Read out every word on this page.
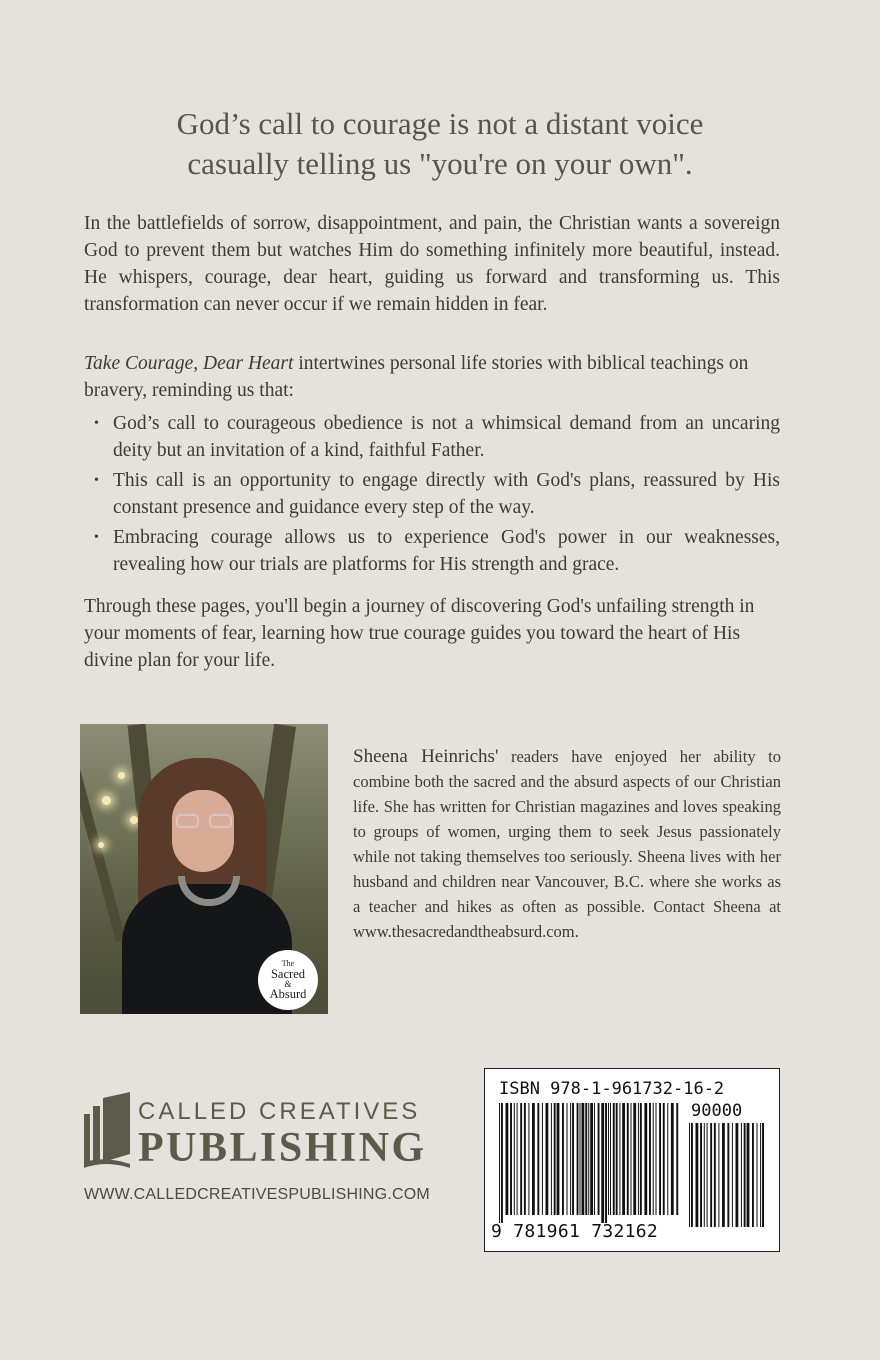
God’s call to courage is not a distant voice
casually telling us "you're on your own".

In the battlefields of sorrow, disappointment, and pain, the Christian wants a sovereign God to prevent them but watches Him do something infinitely more beautiful, instead. He whispers, courage, dear heart, guiding us forward and transforming us. This transformation can never occur if we remain hidden in fear.

Take Courage, Dear Heart intertwines personal life stories with biblical teachings on bravery, reminding us that:

• God’s call to courageous obedience is not a whimsical demand from an uncaring deity but an invitation of a kind, faithful Father.
• This call is an opportunity to engage directly with God's plans, reassured by His constant presence and guidance every step of the way.
• Embracing courage allows us to experience God's power in our weaknesses, revealing how our trials are platforms for His strength and grace.

Through these pages, you'll begin a journey of discovering God's unfailing strength in your moments of fear, learning how true courage guides you toward the heart of His divine plan for your life.

The
Sacred
&
Absurd

Sheena Heinrichs' readers have enjoyed her ability to combine both the sacred and the absurd aspects of our Christian life. She has written for Christian magazines and loves speaking to groups of women, urging them to seek Jesus passionately while not taking themselves too seriously. Sheena lives with her husband and children near Vancouver, B.C. where she works as a teacher and hikes as often as possible. Contact Sheena at www.thesacredandtheabsurd.com.

CALLED CREATIVES
PUBLISHING
WWW.CALLEDCREATIVESPUBLISHING.COM
ISBN 978-1-961732-16-2
90000
9 781961 732162
